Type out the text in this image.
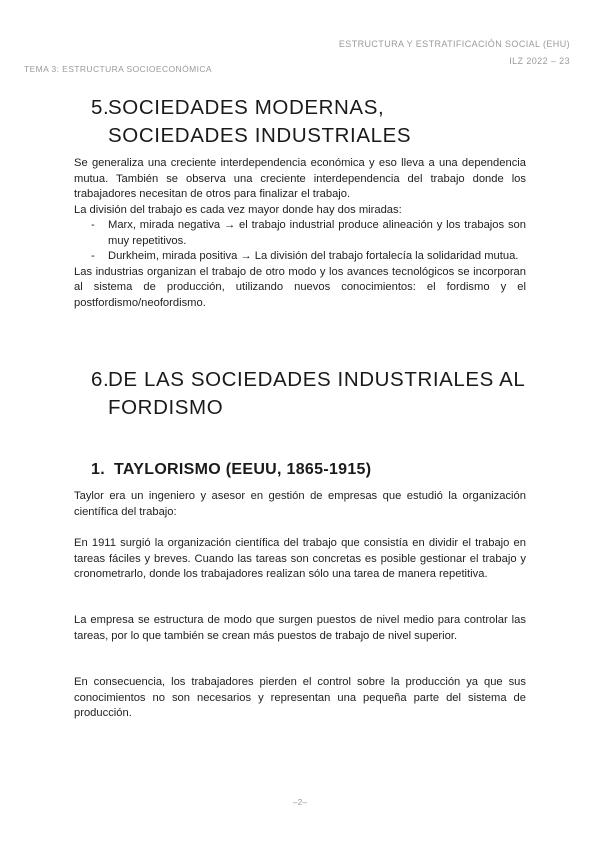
ESTRUCTURA Y ESTRATIFICACIÓN SOCIAL (EHU)
ILZ 2022 – 23
TEMA 3: ESTRUCTURA SOCIOECONÓMICA
5.
SOCIEDADES MODERNAS,
SOCIEDADES INDUSTRIALES

Se generaliza una creciente interdependencia económica y eso lleva a una dependencia mutua. También se observa una creciente interdependencia del trabajo donde los trabajadores necesitan de otros para finalizar el trabajo.

La división del trabajo es cada vez mayor donde hay dos miradas:

- Marx, mirada negativa → el trabajo industrial produce alineación y los trabajos son muy repetitivos.
- Durkheim, mirada positiva → La división del trabajo fortalecía la solidaridad mutua.

Las industrias organizan el trabajo de otro modo y los avances tecnológicos se incorporan al sistema de producción, utilizando nuevos conocimientos: el fordismo y el postfordismo/neofordismo.

6.
DE LAS SOCIEDADES INDUSTRIALES AL
FORDISMO
1. TAYLORISMO (EEUU, 1865-1915)

Taylor era un ingeniero y asesor en gestión de empresas que estudió la organización científica del trabajo:

En 1911 surgió la organización científica del trabajo que consistía en dividir el trabajo en tareas fáciles y breves. Cuando las tareas son concretas es posible gestionar el trabajo y cronometrarlo, donde los trabajadores realizan sólo una tarea de manera repetitiva.

La empresa se estructura de modo que surgen puestos de nivel medio para controlar las tareas, por lo que también se crean más puestos de trabajo de nivel superior.

En consecuencia, los trabajadores pierden el control sobre la producción ya que sus conocimientos no son necesarios y representan una pequeña parte del sistema de producción.

–2–
